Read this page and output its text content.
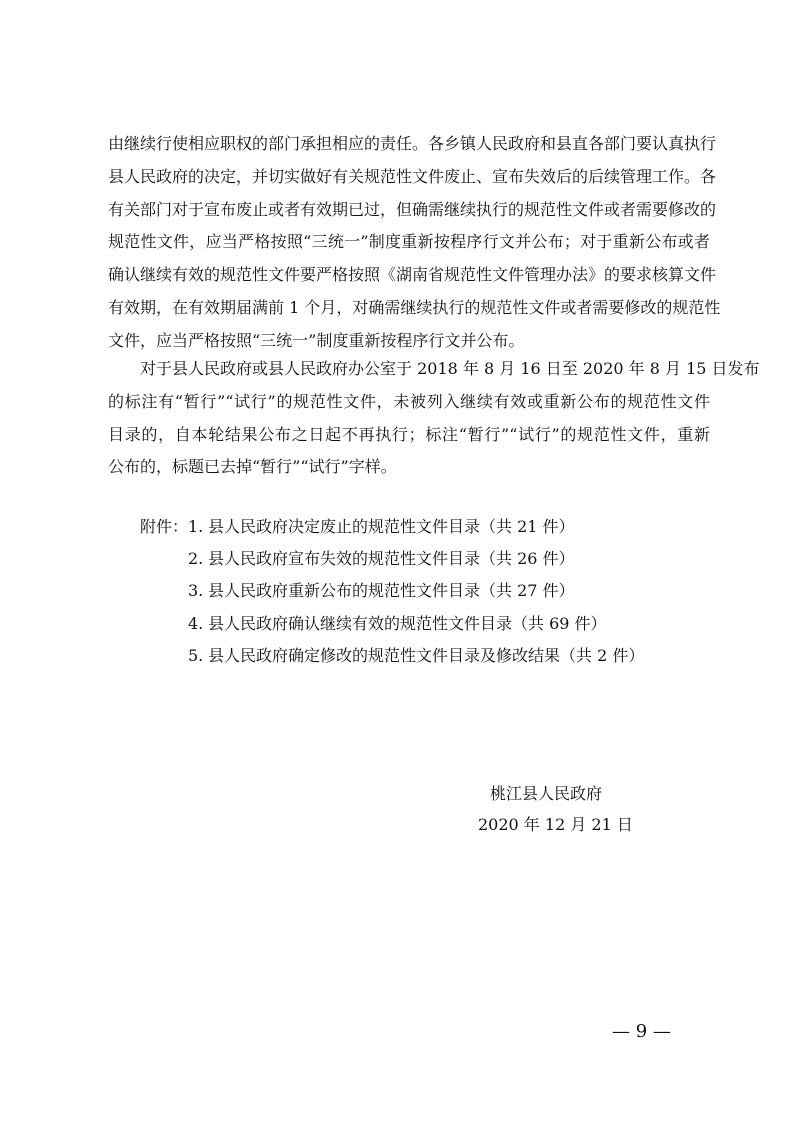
由继续行使相应职权的部门承担相应的责任。各乡镇人民政府和县直各部门要认真执行
县人民政府的决定，并切实做好有关规范性文件废止、宣布失效后的后续管理工作。各
有关部门对于宣布废止或者有效期已过，但确需继续执行的规范性文件或者需要修改的
规范性文件，应当严格按照“三统一”制度重新按程序行文并公布；对于重新公布或者
确认继续有效的规范性文件要严格按照《湖南省规范性文件管理办法》的要求核算文件
有效期，在有效期届满前 1 个月，对确需继续执行的规范性文件或者需要修改的规范性
文件，应当严格按照“三统一”制度重新按程序行文并公布。
对于县人民政府或县人民政府办公室于 2018 年 8 月 16 日至 2020 年 8 月 15 日发布
的标注有“暂行”“试行”的规范性文件，未被列入继续有效或重新公布的规范性文件
目录的，自本轮结果公布之日起不再执行；标注“暂行”“试行”的规范性文件，重新
公布的，标题已去掉“暂行”“试行”字样。
附件：1. 县人民政府决定废止的规范性文件目录（共 21 件）
2. 县人民政府宣布失效的规范性文件目录（共 26 件）
3. 县人民政府重新公布的规范性文件目录（共 27 件）
4. 县人民政府确认继续有效的规范性文件目录（共 69 件）
5. 县人民政府确定修改的规范性文件目录及修改结果（共 2 件）
桃江县人民政府
2020 年 12 月 21 日
— 9 —
